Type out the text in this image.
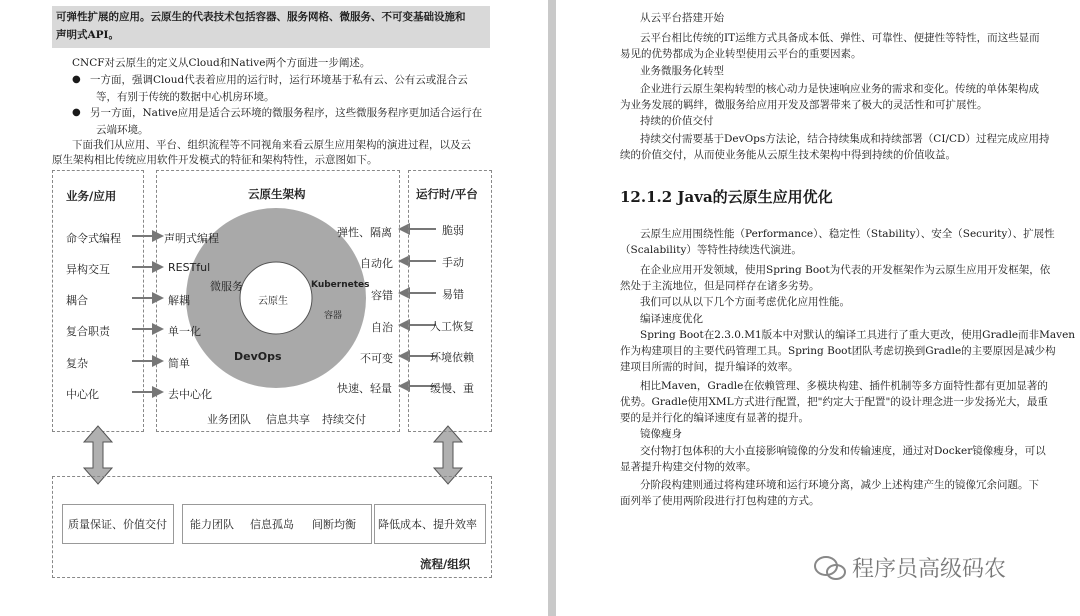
可弹性扩展的应用。云原生的代表技术包括容器、服务网格、微服务、不可变基础设施和
声明式API。
CNCF对云原生的定义从Cloud和Native两个方面进一步阐述。
● 一方面，强调Cloud代表着应用的运行时，运行环境基于私有云、公有云或混合云
等，有别于传统的数据中心机房环境。
● 另一方面，Native应用是适合云环境的微服务程序，这些微服务程序更加适合运行在
云端环境。
下面我们从应用、平台、组织流程等不同视角来看云原生应用架构的演进过程，以及云
原生架构相比传统应用软件开发模式的特征和架构特性，示意图如下。
业务/应用
命令式编程
异构交互
耦合
复合职责
复杂
中心化
云原生架构
声明式编程
RESTful
解耦
单一化
简单
去中心化
弹性、隔离
自动化
容错
自治
不可变
快速、轻量
云原生
微服务	Kubernetes
容器
DevOps
业务团队 信息共享 持续交付
运行时/平台
脆弱
手动
易错
人工恢复
环境依赖
缓慢、重
质量保证、价值交付 能力团队 信息孤岛 间断均衡 降低成本、提升效率
流程/组织
从云平台搭建开始
云平台相比传统的IT运维方式具备成本低、弹性、可靠性、便捷性等特性，而这些显而
易见的优势都成为企业转型使用云平台的重要因素。
业务微服务化转型
企业进行云原生架构转型的核心动力是快速响应业务的需求和变化。传统的单体架构成
为业务发展的羁绊，微服务给应用开发及部署带来了极大的灵活性和可扩展性。
持续的价值交付
持续交付需要基于DevOps方法论，结合持续集成和持续部署（CI/CD）过程完成应用持
续的价值交付，从而使业务能从云原生技术架构中得到持续的价值收益。
12.1.2 Java的云原生应用优化
云原生应用围绕性能（Performance）、稳定性（Stability）、安全（Security）、扩展性
（Scalability）等特性持续迭代演进。
在企业应用开发领域，使用Spring Boot为代表的开发框架作为云原生应用开发框架，依
然处于主流地位，但是同样存在诸多劣势。
我们可以从以下几个方面考虑优化应用性能。
编译速度优化
Spring Boot在2.3.0.M1版本中对默认的编译工具进行了重大更改，使用Gradle而非Maven
作为构建项目的主要代码管理工具。Spring Boot团队考虑切换到Gradle的主要原因是减少构
建项目所需的时间，提升编译的效率。
相比Maven，Gradle在依赖管理、多模块构建、插件机制等多方面特性都有更加显著的
优势。Gradle使用XML方式进行配置，把"约定大于配置"的设计理念进一步发扬光大，最重
要的是并行化的编译速度有显著的提升。
镜像瘦身
交付物打包体积的大小直接影响镜像的分发和传输速度，通过对Docker镜像瘦身，可以
显著提升构建交付物的效率。
分阶段构建则通过将构建环境和运行环境分离，减少上述构建产生的镜像冗余问题。下
面列举了使用两阶段进行打包构建的方式。
程序员高级码农
